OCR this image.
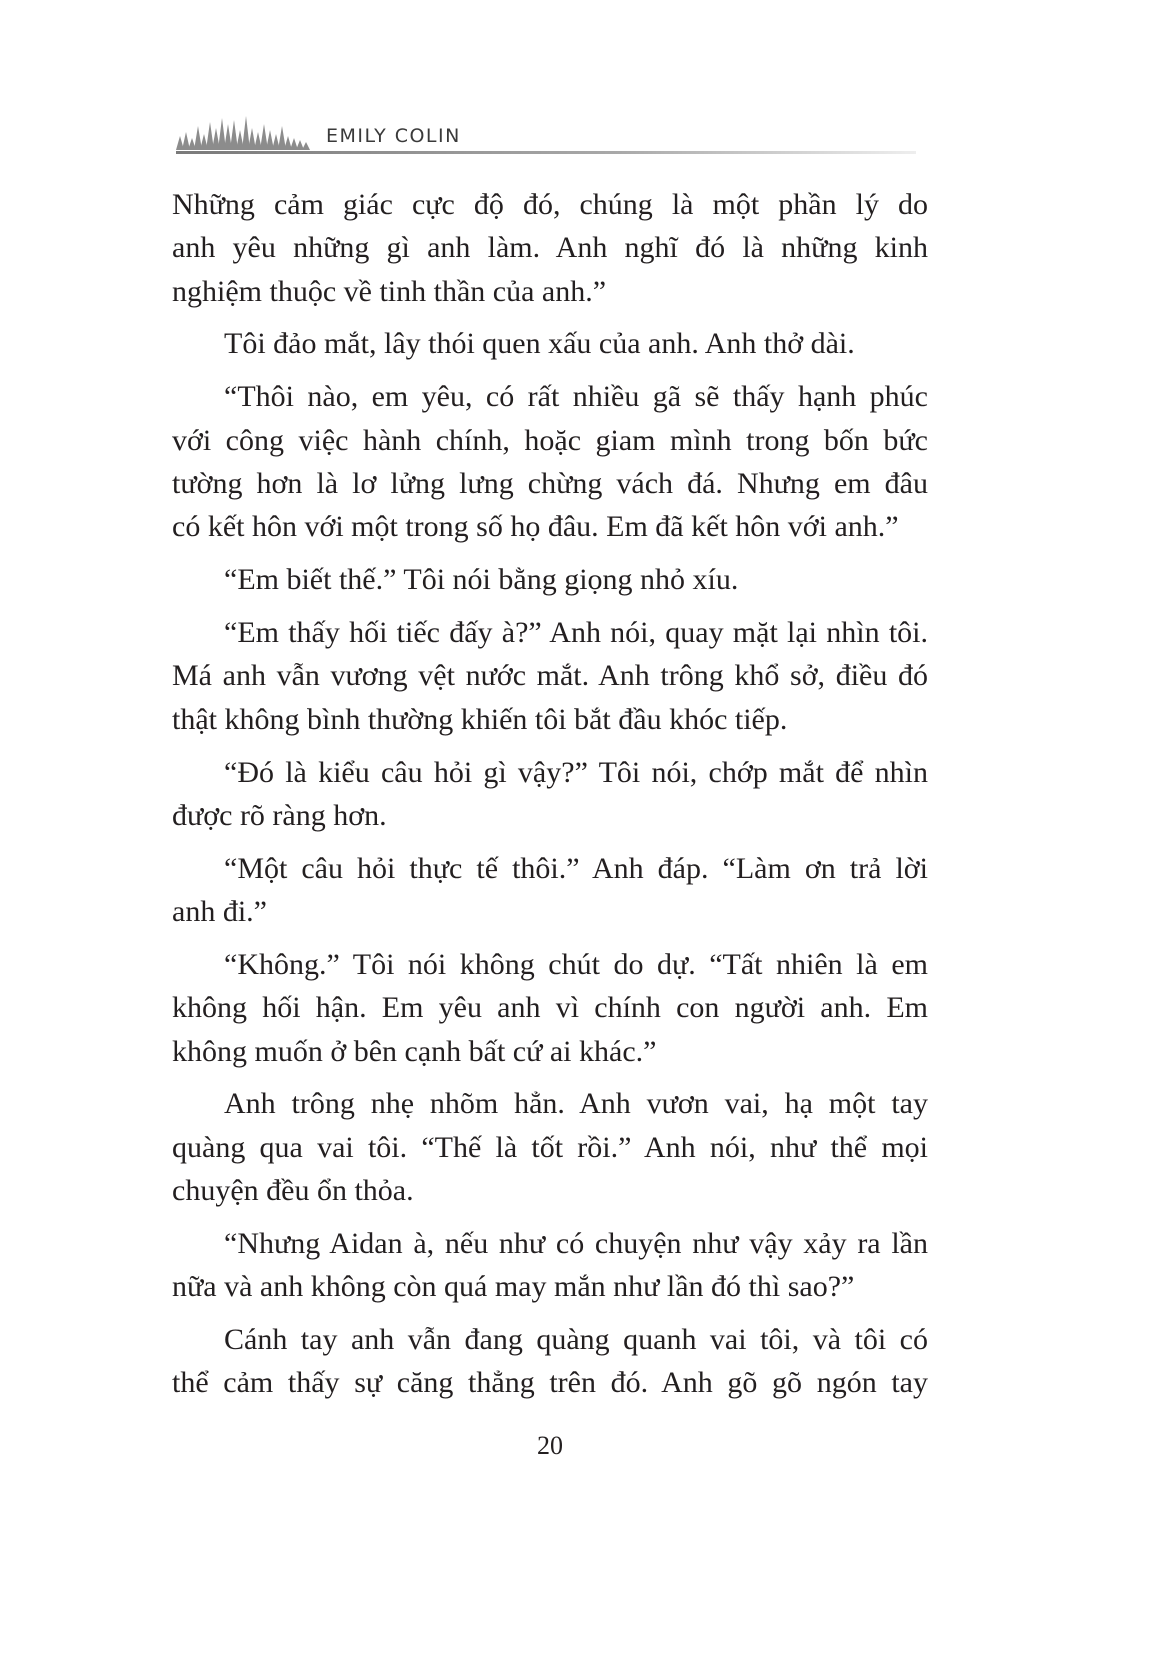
EMILY COLIN
Những cảm giác cực độ đó, chúng là một phần lý do
anh yêu những gì anh làm. Anh nghĩ đó là những kinh
nghiệm thuộc về tinh thần của anh.”
Tôi đảo mắt, lây thói quen xấu của anh. Anh thở dài.
“Thôi nào, em yêu, có rất nhiều gã sẽ thấy hạnh phúc
với công việc hành chính, hoặc giam mình trong bốn bức
tường hơn là lơ lửng lưng chừng vách đá. Nhưng em đâu
có kết hôn với một trong số họ đâu. Em đã kết hôn với anh.”
“Em biết thế.” Tôi nói bằng giọng nhỏ xíu.
“Em thấy hối tiếc đấy à?” Anh nói, quay mặt lại nhìn tôi.
Má anh vẫn vương vệt nước mắt. Anh trông khổ sở, điều đó
thật không bình thường khiến tôi bắt đầu khóc tiếp.
“Đó là kiểu câu hỏi gì vậy?” Tôi nói, chớp mắt để nhìn
được rõ ràng hơn.
“Một câu hỏi thực tế thôi.” Anh đáp. “Làm ơn trả lời
anh đi.”
“Không.” Tôi nói không chút do dự. “Tất nhiên là em
không hối hận. Em yêu anh vì chính con người anh. Em
không muốn ở bên cạnh bất cứ ai khác.”
Anh trông nhẹ nhõm hẳn. Anh vươn vai, hạ một tay
quàng qua vai tôi. “Thế là tốt rồi.” Anh nói, như thể mọi
chuyện đều ổn thỏa.
“Nhưng Aidan à, nếu như có chuyện như vậy xảy ra lần
nữa và anh không còn quá may mắn như lần đó thì sao?”
Cánh tay anh vẫn đang quàng quanh vai tôi, và tôi có
thể cảm thấy sự căng thẳng trên đó. Anh gõ gõ ngón tay
20
